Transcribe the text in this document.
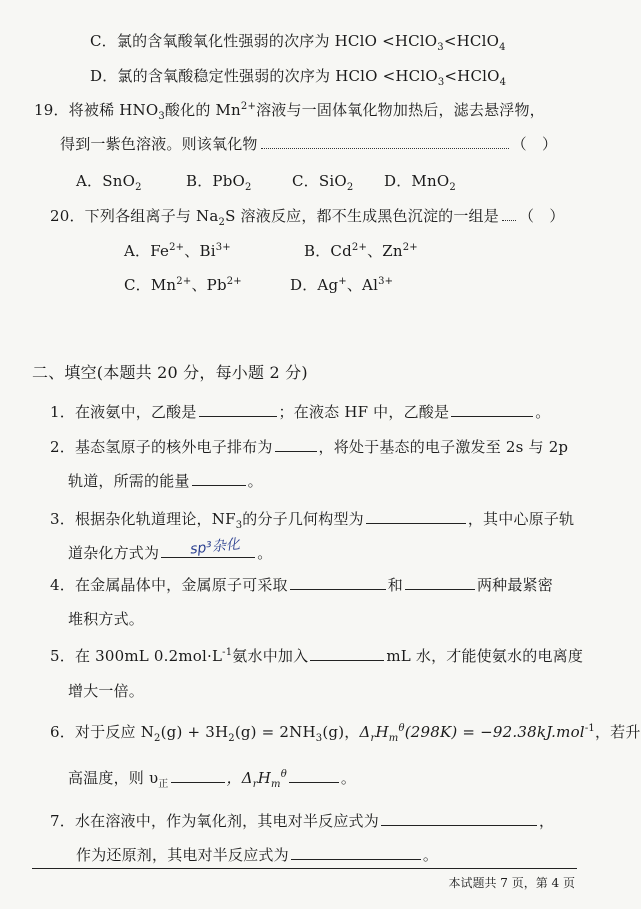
C．氯的含氧酸氧化性强弱的次序为 HClO <HClO$_3$<HClO$_4$
D．氯的含氧酸稳定性强弱的次序为 HClO <HClO$_3$<HClO$_4$
19．将被稀 $HNO_3$酸化的 $Mn^{2+}$溶液与一固体氧化物加热后，滤去悬浮物，
得到一紫色溶液。则该氧化物	（　）
A．SnO$_2$	B．PbO$_2$	C．SiO$_2$ D．MnO$_2$
20．下列各组离子与 $Na_2S$ 溶液反应，都不生成黑色沉淀的一组是 （　）
A．$Fe^{2+}$、$Bi^{3+}$	B．$Cd^{2+}$、$Zn^{2+}$
C．$Mn^{2+}$、$Pb^{2+}$	D．Ag+、$Al^{3+}$
二、填空(本题共 20 分，每小题 2 分)
1．在液氨中，乙酸是	；在液态 HF 中，乙酸是	。
2．基态氢原子的核外电子排布为	，将处于基态的电子激发至 2s 与 2p
轨道，所需的能量	。
3．根据杂化轨道理论，$NF_3$的分子几何构型为	，其中心原子轨
道杂化方式为	。
sp³杂化
4．在金属晶体中，金属原子可采取	和	两种最紧密
堆积方式。
5．在 300mL $0.2mol\cdot L^{-1}$氨水中加入	mL 水，才能使氨水的电离度
增大一倍。
6．对于反应 $N_2(g) + 3H_2(g) = 2NH_3(g)$，$\Delta_rH_m^\theta(298K) = -92.38kJ.mol^{-1}$，若升
高温度，则 $\upsilon_正$	，$\Delta_rH_m^\theta$	。
7．水在溶液中，作为氧化剂，其电对半反应式为	，
作为还原剂，其电对半反应式为	。
本试题共 7 页，第 4 页
